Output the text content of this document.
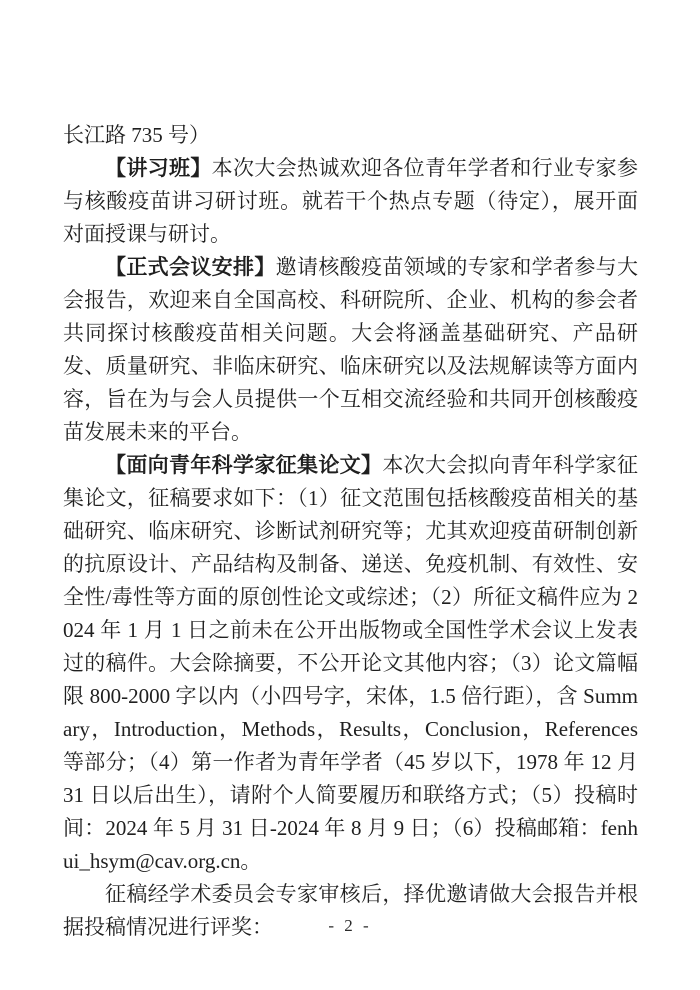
长江路 735 号）

【讲习班】本次大会热诚欢迎各位青年学者和行业专家参与核酸疫苗讲习研讨班。就若干个热点专题（待定），展开面对面授课与研讨。

【正式会议安排】邀请核酸疫苗领域的专家和学者参与大会报告，欢迎来自全国高校、科研院所、企业、机构的参会者共同探讨核酸疫苗相关问题。大会将涵盖基础研究、产品研发、质量研究、非临床研究、临床研究以及法规解读等方面内容，旨在为与会人员提供一个互相交流经验和共同开创核酸疫苗发展未来的平台。

【面向青年科学家征集论文】本次大会拟向青年科学家征集论文，征稿要求如下：（1）征文范围包括核酸疫苗相关的基础研究、临床研究、诊断试剂研究等；尤其欢迎疫苗研制创新的抗原设计、产品结构及制备、递送、免疫机制、有效性、安全性/毒性等方面的原创性论文或综述；（2）所征文稿件应为 2024 年 1 月 1 日之前未在公开出版物或全国性学术会议上发表过的稿件。大会除摘要，不公开论文其他内容；（3）论文篇幅限 800-2000 字以内（小四号字，宋体，1.5 倍行距），含 Summary，Introduction，Methods，Results，Conclusion，References 等部分；（4）第一作者为青年学者（45 岁以下，1978 年 12 月 31 日以后出生），请附个人简要履历和联络方式；（5）投稿时间：2024 年 5 月 31 日-2024 年 8 月 9 日；（6）投稿邮箱：fenhui_hsym@cav.org.cn。

征稿经学术委员会专家审核后，择优邀请做大会报告并根据投稿情况进行评奖：	- 2 -
